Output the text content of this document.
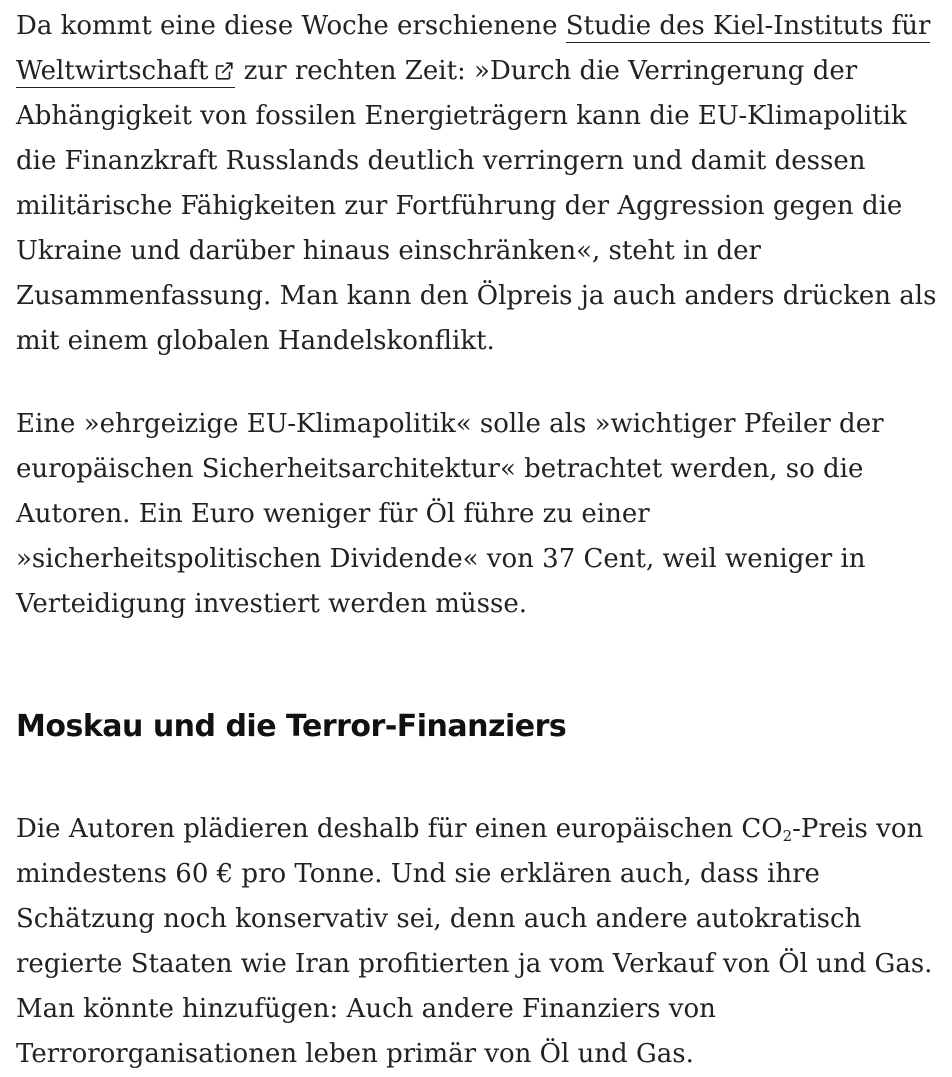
Da kommt eine diese Woche erschienene Studie des Kiel-Instituts für Weltwirtschaft
zur rechten Zeit: »Durch die Verringerung der Abhängigkeit von fossilen Energieträgern kann die EU-Klimapolitik die Finanzkraft Russlands deutlich verringern und damit dessen militärische Fähigkeiten zur Fortführung der Aggression gegen die Ukraine und darüber hinaus einschränken«, steht in der Zusammenfassung. Man kann den Ölpreis ja auch anders drücken als mit einem globalen Handelskonflikt.

Eine »ehrgeizige EU-Klimapolitik« solle als »wichtiger Pfeiler der europäischen Sicherheitsarchitektur« betrachtet werden, so die Autoren. Ein Euro weniger für Öl führe zu einer »sicherheitspolitischen Dividende« von 37 Cent, weil weniger in Verteidigung investiert werden müsse.

Moskau und die Terror-Finanziers

Die Autoren plädieren deshalb für einen europäischen $CO_2$-Preis von mindestens 60 € pro Tonne. Und sie erklären auch, dass ihre Schätzung noch konservativ sei, denn auch andere autokratisch regierte Staaten wie Iran profitierten ja vom Verkauf von Öl und Gas. Man könnte hinzufügen: Auch andere Finanziers von Terrororganisationen leben primär von Öl und Gas.
